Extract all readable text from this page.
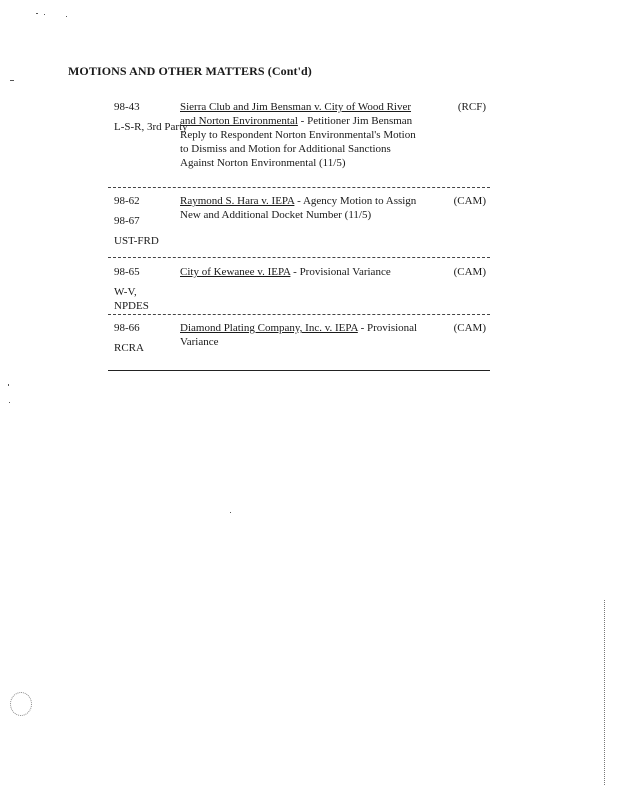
MOTIONS AND OTHER MATTERS (Cont'd)
98-43
L-S-R, 3rd Party
Sierra Club and Jim Bensman v. City of Wood River and Norton Environmental - Petitioner Jim Bensman Reply to Respondent Norton Environmental's Motion to Dismiss and Motion for Additional Sanctions Against Norton Environmental (11/5)
(RCF)
98-62
98-67
UST-FRD
Raymond S. Hara v. IEPA - Agency Motion to Assign New and Additional Docket Number (11/5)
(CAM)
98-65
W-V, NPDES
City of Kewanee v. IEPA - Provisional Variance	(CAM)
98-66
RCRA
Diamond Plating Company, Inc. v. IEPA - Provisional Variance
(CAM)
